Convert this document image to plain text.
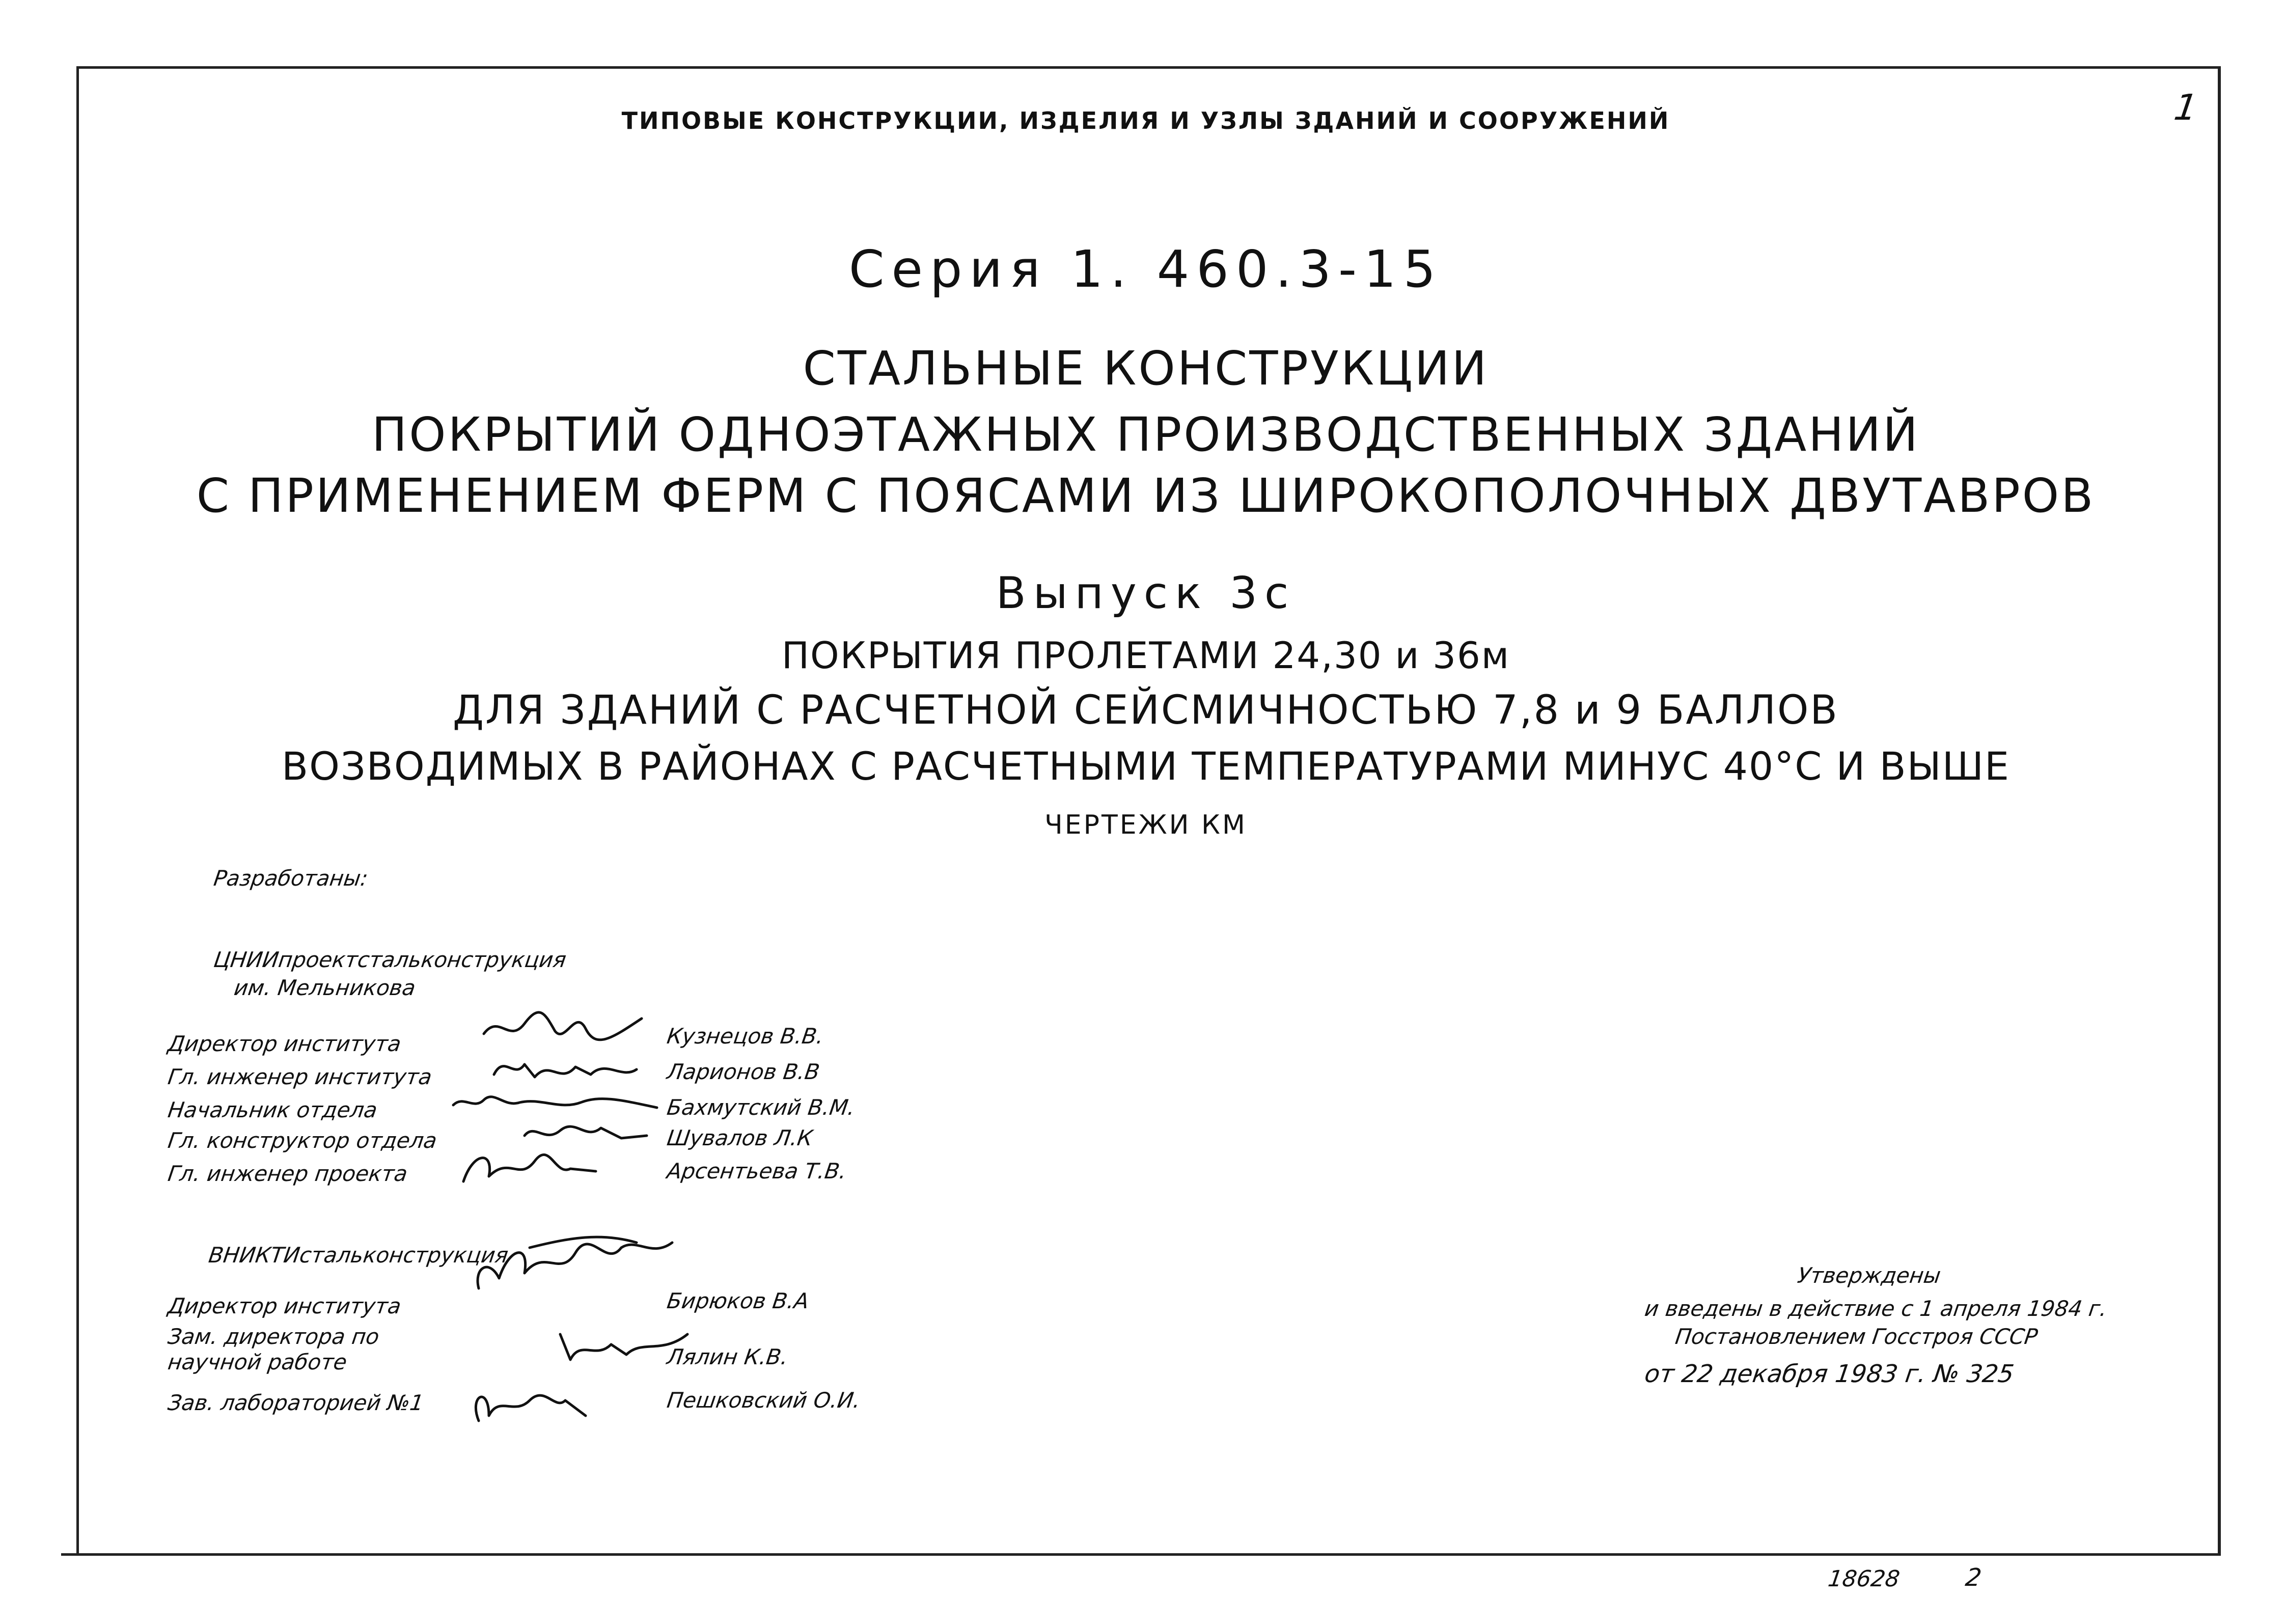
ТИПОВЫЕ КОНСТРУКЦИИ, ИЗДЕЛИЯ И УЗЛЫ ЗДАНИЙ И СООРУЖЕНИЙ	1
Серия 1. 460.3-15
СТАЛЬНЫЕ КОНСТРУКЦИИ
ПОКРЫТИЙ ОДНОЭТАЖНЫХ ПРОИЗВОДСТВЕННЫХ ЗДАНИЙ
С ПРИМЕНЕНИЕМ ФЕРМ С ПОЯСАМИ ИЗ ШИРОКОПОЛОЧНЫХ ДВУТАВРОВ
Выпуск 3с
ПОКРЫТИЯ ПРОЛЕТАМИ 24,30 и 36м
ДЛЯ ЗДАНИЙ С РАСЧЕТНОЙ СЕЙСМИЧНОСТЬЮ 7,8 и 9 БАЛЛОВ
ВОЗВОДИМЫХ В РАЙОНАХ С РАСЧЕТНЫМИ ТЕМПЕРАТУРАМИ МИНУС 40°С И ВЫШЕ
ЧЕРТЕЖИ КМ
Разработаны:
ЦНИИпроектстальконструкция
им. Мельникова
Директор института	Кузнецов В.В.
Гл. инженер института	Ларионов В.В
Начальник отдела	Бахмутский В.М.
Гл. конструктор отдела	Шувалов Л.К
Гл. инженер проекта	Арсентьева Т.В.
ВНИКТИстальконструкция
Директор института	Бирюков В.А
Зам. директора по
научной работе	Лялин К.В.
Зав. лабораторией №1	Пешковский О.И.
Утверждены
и введены в действие с 1 апреля 1984 г.
Постановлением Госстроя СССР
от 22 декабря 1983 г. № 325
18628	2
